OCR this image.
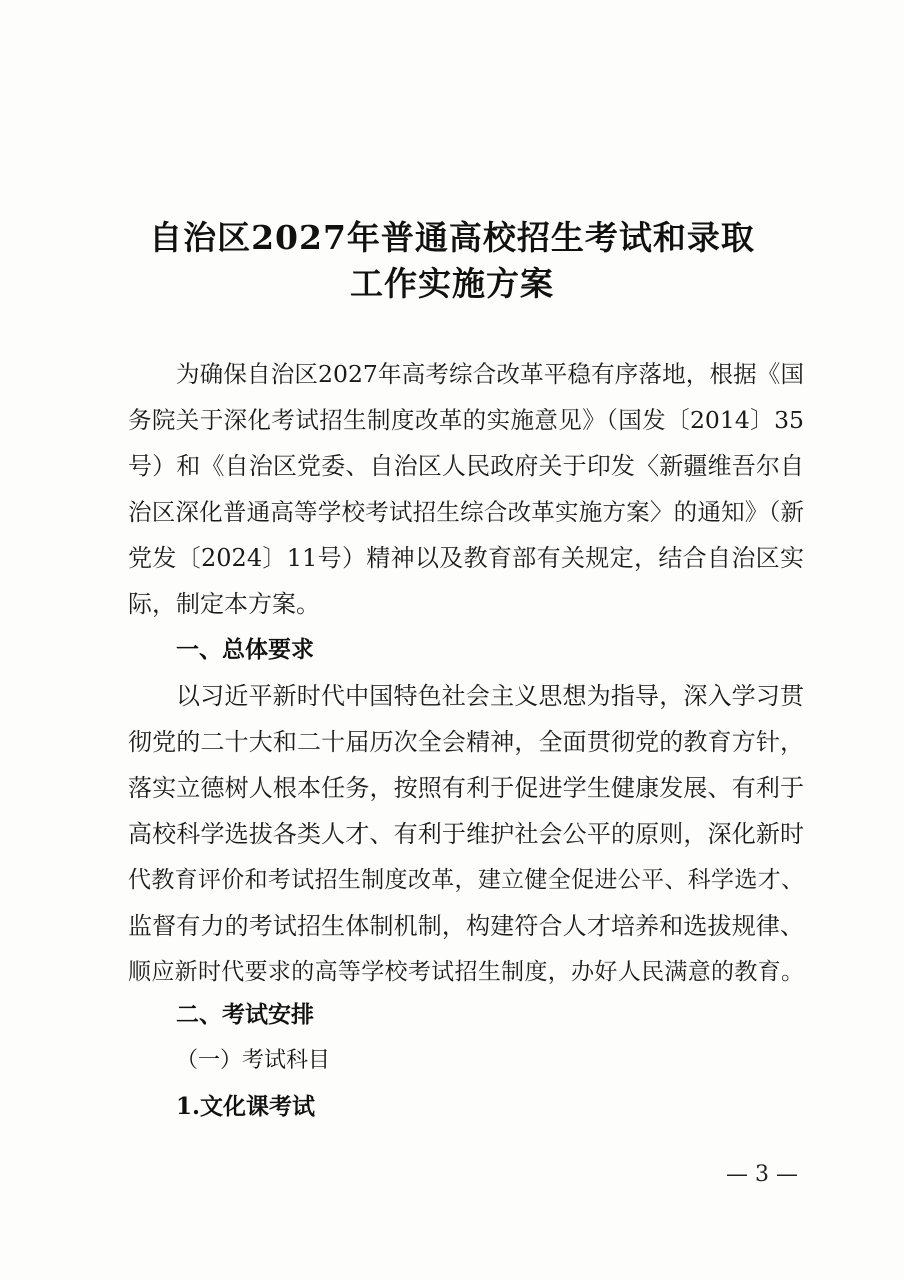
自治区2027年普通高校招生考试和录取
工作实施方案
为确保自治区2027年高考综合改革平稳有序落地，根据《国
务院关于深化考试招生制度改革的实施意见》（国发〔2014〕35
号）和《自治区党委、自治区人民政府关于印发〈新疆维吾尔自
治区深化普通高等学校考试招生综合改革实施方案〉的通知》（新
党发〔2024〕11号）精神以及教育部有关规定，结合自治区实
际，制定本方案。
一、总体要求
以习近平新时代中国特色社会主义思想为指导，深入学习贯
彻党的二十大和二十届历次全会精神，全面贯彻党的教育方针，
落实立德树人根本任务，按照有利于促进学生健康发展、有利于
高校科学选拔各类人才、有利于维护社会公平的原则，深化新时
代教育评价和考试招生制度改革，建立健全促进公平、科学选才、
监督有力的考试招生体制机制，构建符合人才培养和选拔规律、
顺应新时代要求的高等学校考试招生制度，办好人民满意的教育。
二、考试安排
（一）考试科目
1.文化课考试
— 3 —
